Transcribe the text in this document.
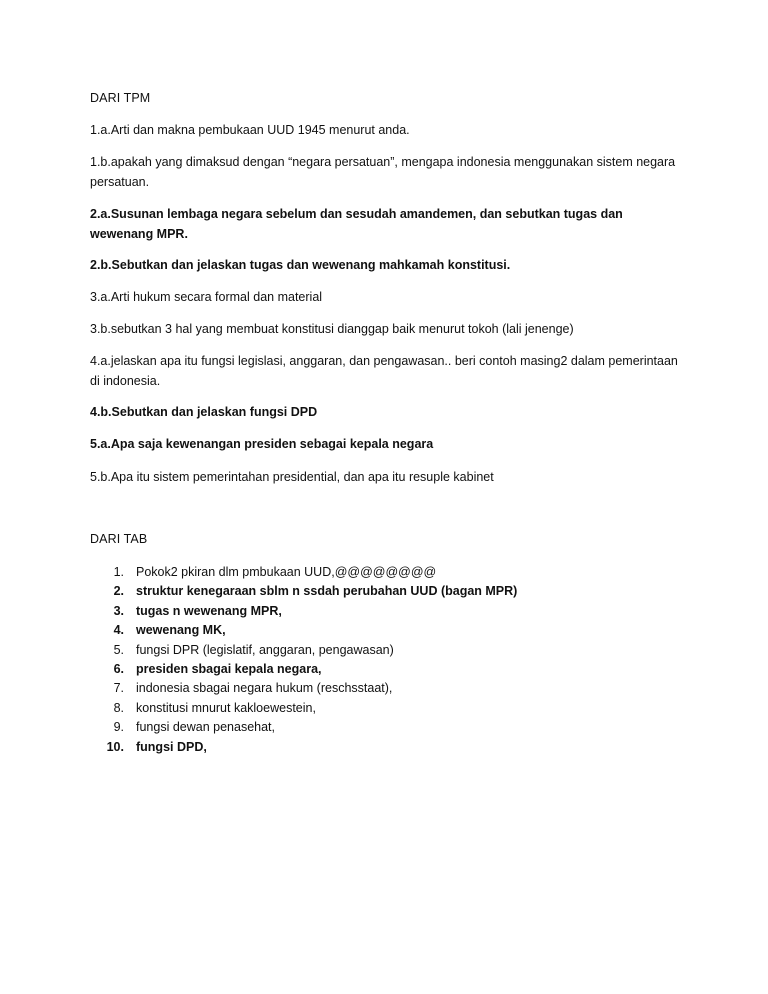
DARI TPM
1.a.Arti dan makna pembukaan UUD 1945 menurut anda.
1.b.apakah yang dimaksud dengan “negara persatuan”, mengapa indonesia menggunakan sistem negara persatuan.
2.a.Susunan lembaga negara sebelum dan sesudah amandemen, dan sebutkan tugas dan wewenang MPR.
2.b.Sebutkan dan jelaskan tugas dan wewenang mahkamah konstitusi.
3.a.Arti hukum secara formal dan material
3.b.sebutkan 3 hal yang membuat konstitusi dianggap baik menurut tokoh (lali jenenge)
4.a.jelaskan apa itu fungsi legislasi, anggaran, dan pengawasan.. beri contoh masing2 dalam pemerintaan di indonesia.
4.b.Sebutkan dan jelaskan fungsi DPD
5.a.Apa saja kewenangan presiden sebagai kepala negara
5.b.Apa itu sistem pemerintahan presidential, dan apa itu resuple kabinet
DARI TAB
1. Pokok2 pkiran dlm pmbukaan UUD,@@@@@@@@
2. struktur kenegaraan sblm n ssdah perubahan UUD (bagan MPR)
3. tugas n wewenang MPR,
4. wewenang MK,
5. fungsi DPR (legislatif, anggaran, pengawasan)
6. presiden sbagai kepala negara,
7. indonesia sbagai negara hukum (reschsstaat),
8. konstitusi mnurut kakloewestein,
9. fungsi dewan penasehat,
10. fungsi DPD,
